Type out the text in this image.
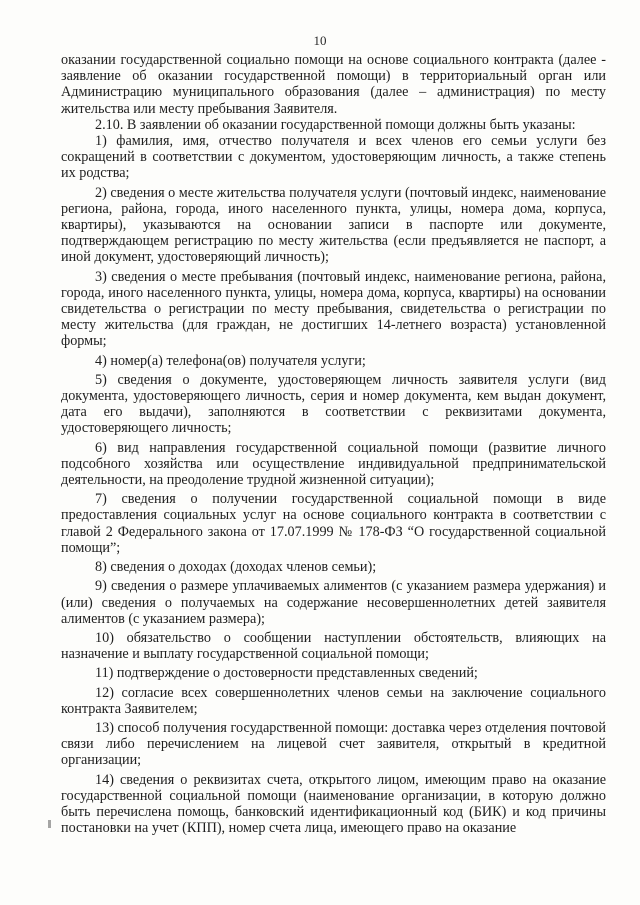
10

оказании государственной социально помощи на основе социального контракта (далее - заявление об оказании государственной помощи) в территориальный орган или Администрацию муниципального образования (далее – администрация) по месту жительства или месту пребывания Заявителя.

2.10. В заявлении об оказании государственной помощи должны быть указаны:

1) фамилия, имя, отчество получателя и всех членов его семьи услуги без сокращений в соответствии с документом, удостоверяющим личность, а также степень их родства;

2) сведения о месте жительства получателя услуги (почтовый индекс, наименование региона, района, города, иного населенного пункта, улицы, номера дома, корпуса, квартиры), указываются на основании записи в паспорте или документе, подтверждающем регистрацию по месту жительства (если предъявляется не паспорт, а иной документ, удостоверяющий личность);

3) сведения о месте пребывания (почтовый индекс, наименование региона, района, города, иного населенного пункта, улицы, номера дома, корпуса, квартиры) на основании свидетельства о регистрации по месту пребывания, свидетельства о регистрации по месту жительства (для граждан, не достигших 14-летнего возраста) установленной формы;

4) номер(а) телефона(ов) получателя услуги;

5) сведения о документе, удостоверяющем личность заявителя услуги (вид документа, удостоверяющего личность, серия и номер документа, кем выдан документ, дата его выдачи), заполняются в соответствии с реквизитами документа, удостоверяющего личность;

6) вид направления государственной социальной помощи (развитие личного подсобного хозяйства или осуществление индивидуальной предпринимательской деятельности, на преодоление трудной жизненной ситуации);

7) сведения о получении государственной социальной помощи в виде предоставления социальных услуг на основе социального контракта в соответствии с главой 2 Федерального закона от 17.07.1999 № 178-ФЗ “О государственной социальной помощи”;

8) сведения о доходах (доходах членов семьи);

9) сведения о размере уплачиваемых алиментов (с указанием размера удержания) и (или) сведения о получаемых на содержание несовершеннолетних детей заявителя алиментов (с указанием размера);

10) обязательство о сообщении наступлении обстоятельств, влияющих на назначение и выплату государственной социальной помощи;

11) подтверждение о достоверности представленных сведений;

12) согласие всех совершеннолетних членов семьи на заключение социального контракта Заявителем;

13) способ получения государственной помощи: доставка через отделения почтовой связи либо перечислением на лицевой счет заявителя, открытый в кредитной организации;

14) сведения о реквизитах счета, открытого лицом, имеющим право на оказание государственной социальной помощи (наименование организации, в которую должно быть перечислена помощь, банковский идентификационный код (БИК) и код причины постановки на учет (КПП), номер счета лица, имеющего право на оказание
